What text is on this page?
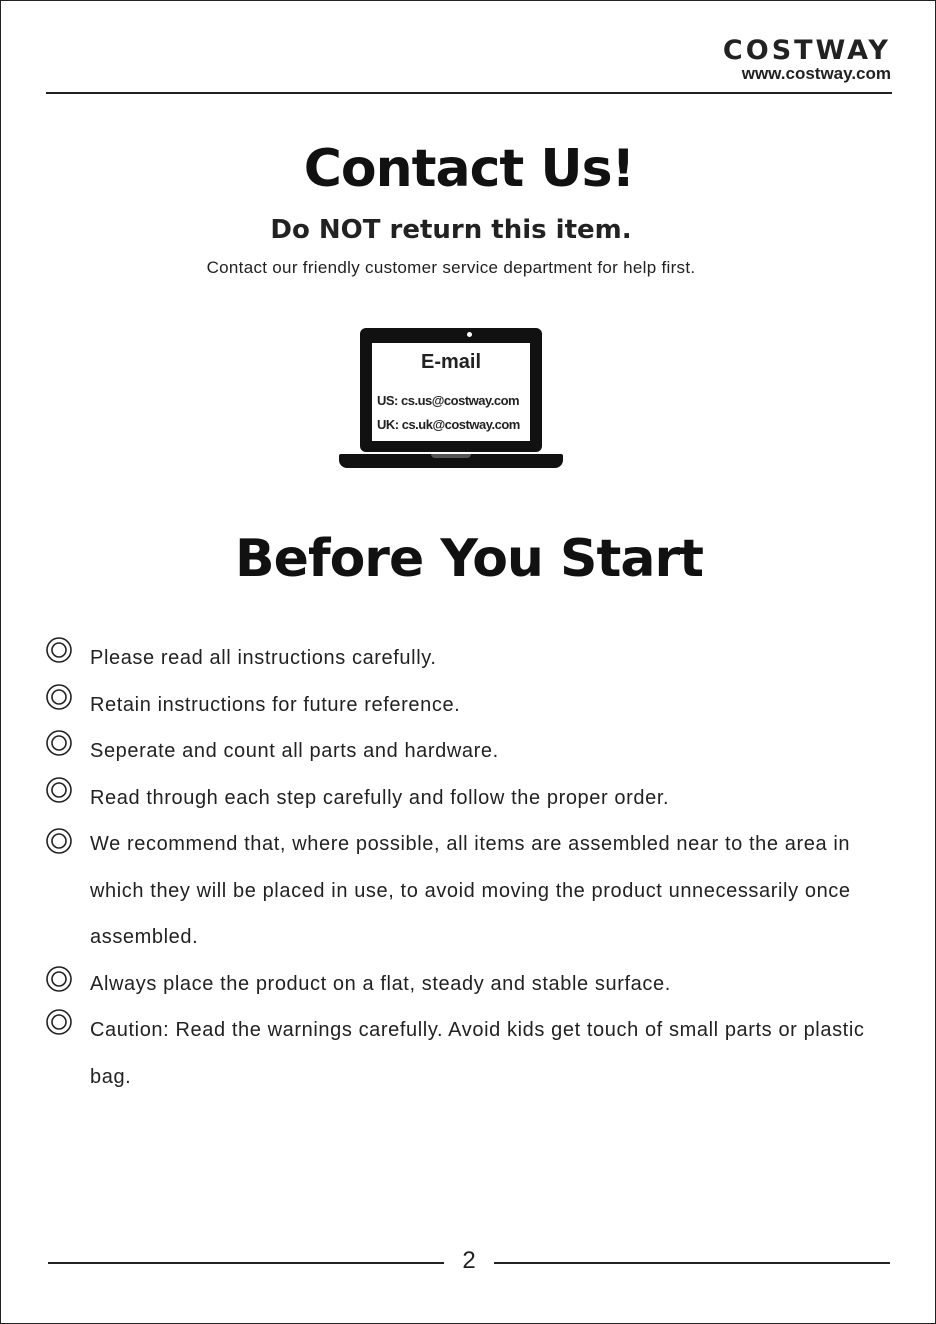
COSTWAY
www.costway.com
Contact Us!
Do NOT return this item.
Contact our friendly customer service department for help first.
E-mail
US: cs.us@costway.com
UK: cs.uk@costway.com
Before You Start
Please read all instructions carefully.
Retain instructions for future reference.
Seperate and count all parts and hardware.
Read through each step carefully and follow the proper order.
We recommend that, where possible, all items are assembled near to the area in which they will be placed in use, to avoid moving the product unnecessarily once assembled.
Always place the product on a flat, steady and stable surface.
Caution: Read the warnings carefully. Avoid kids get touch of small parts or plastic bag.
2
